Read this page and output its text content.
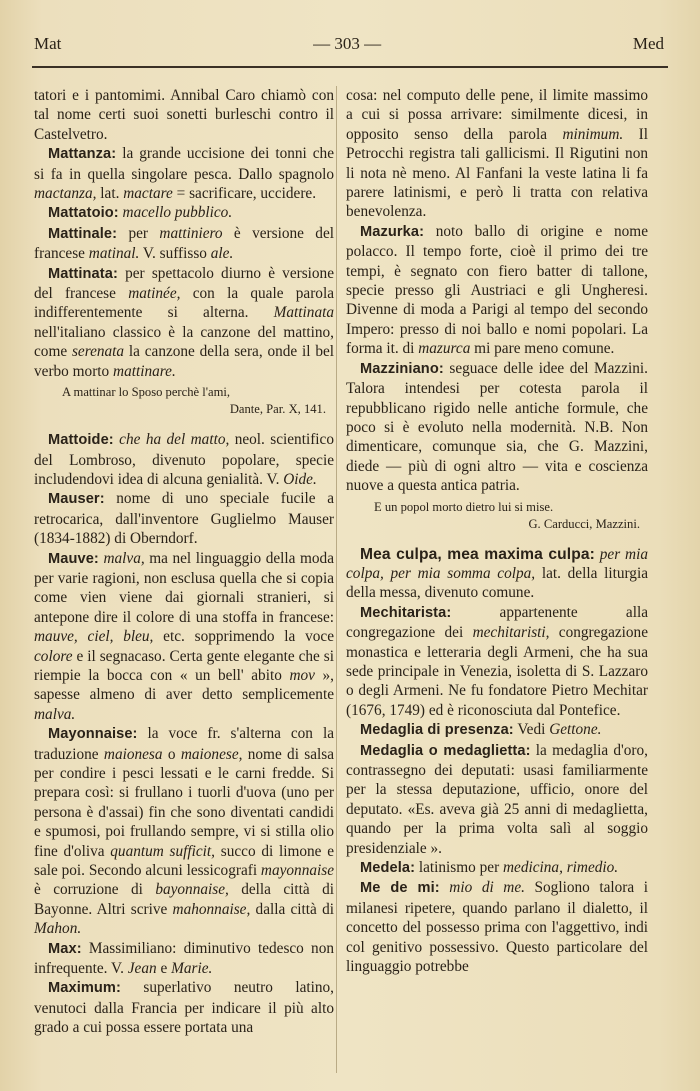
Mat	— 303 —	Med

tatori e i pantomimi. Annibal Caro chiamò con tal nome certi suoi sonetti burleschi contro il Castelvetro.

Mattanza: la grande uccisione dei tonni che si fa in quella singolare pesca. Dallo spagnolo mactanza, lat. mactare = sacrificare, uccidere.

Mattatoio: macello pubblico.

Mattinale: per mattiniero è versione del francese matinal. V. suffisso ale.

Mattinata: per spettacolo diurno è versione del francese matinée, con la quale parola indifferentemente si alterna. Mattinata nell'italiano classico è la canzone del mattino, come serenata la canzone della sera, onde il bel verbo morto mattinare.

A mattinar lo Sposo perchè l'ami,

Dante, Par. X, 141.

Mattoide: che ha del matto, neol. scientifico del Lombroso, divenuto popolare, specie includendovi idea di alcuna genialità. V. Oide.

Mauser: nome di uno speciale fucile a retrocarica, dall'inventore Guglielmo Mauser (1834-1882) di Oberndorf.

Mauve: malva, ma nel linguaggio della moda per varie ragioni, non esclusa quella che si copia come vien viene dai giornali stranieri, si antepone dire il colore di una stoffa in francese: mauve, ciel, bleu, etc. sopprimendo la voce colore e il segnacaso. Certa gente elegante che si riempie la bocca con « un bell' abito mov », sapesse almeno di aver detto semplicemente malva.

Mayonnaise: la voce fr. s'alterna con la traduzione maionesa o maionese, nome di salsa per condire i pesci lessati e le carni fredde. Si prepara così: si frullano i tuorli d'uova (uno per persona è d'assai) fin che sono diventati candidi e spumosi, poi frullando sempre, vi si stilla olio fine d'oliva quantum sufficit, succo di limone e sale poi. Secondo alcuni lessicografi mayonnaise è corruzione di bayonnaise, della città di Bayonne. Altri scrive mahonnaise, dalla città di Mahon.

Max: Massimiliano: diminutivo tedesco non infrequente. V. Jean e Marie.

Maximum: superlativo neutro latino, venutoci dalla Francia per indicare il più alto grado a cui possa essere portata una

cosa: nel computo delle pene, il limite massimo a cui si possa arrivare: similmente dicesi, in opposito senso della parola minimum. Il Petrocchi registra tali gallicismi. Il Rigutini non li nota nè meno. Al Fanfani la veste latina li fa parere latinismi, e però li tratta con relativa benevolenza.

Mazurka: noto ballo di origine e nome polacco. Il tempo forte, cioè il primo dei tre tempi, è segnato con fiero batter di tallone, specie presso gli Austriaci e gli Ungheresi. Divenne di moda a Parigi al tempo del secondo Impero: presso di noi ballo e nomi popolari. La forma it. di mazurca mi pare meno comune.

Mazziniano: seguace delle idee del Mazzini. Talora intendesi per cotesta parola il repubblicano rigido nelle antiche formule, che poco si è evoluto nella modernità. N.B. Non dimenticare, comunque sia, che G. Mazzini, diede — più di ogni altro — vita e coscienza nuove a questa antica patria.

E un popol morto dietro lui si mise.

G. Carducci, Mazzini.

Mea culpa, mea maxima culpa: per mia colpa, per mia somma colpa, lat. della liturgia della messa, divenuto comune.

Mechitarista: appartenente alla congregazione dei mechitaristi, congregazione monastica e letteraria degli Armeni, che ha sua sede principale in Venezia, isoletta di S. Lazzaro o degli Armeni. Ne fu fondatore Pietro Mechitar (1676, 1749) ed è riconosciuta dal Pontefice.

Medaglia di presenza: Vedi Gettone.

Medaglia o medaglietta: la medaglia d'oro, contrassegno dei deputati: usasi familiarmente per la stessa deputazione, ufficio, onore del deputato. «Es. aveva già 25 anni di medaglietta, quando per la prima volta salì al soggio presidenziale ».

Medela: latinismo per medicina, rimedio.

Me de mi: mio di me. Sogliono talora i milanesi ripetere, quando parlano il dialetto, il concetto del possesso prima con l'aggettivo, indi col genitivo possessivo. Questo particolare del linguaggio potrebbe
